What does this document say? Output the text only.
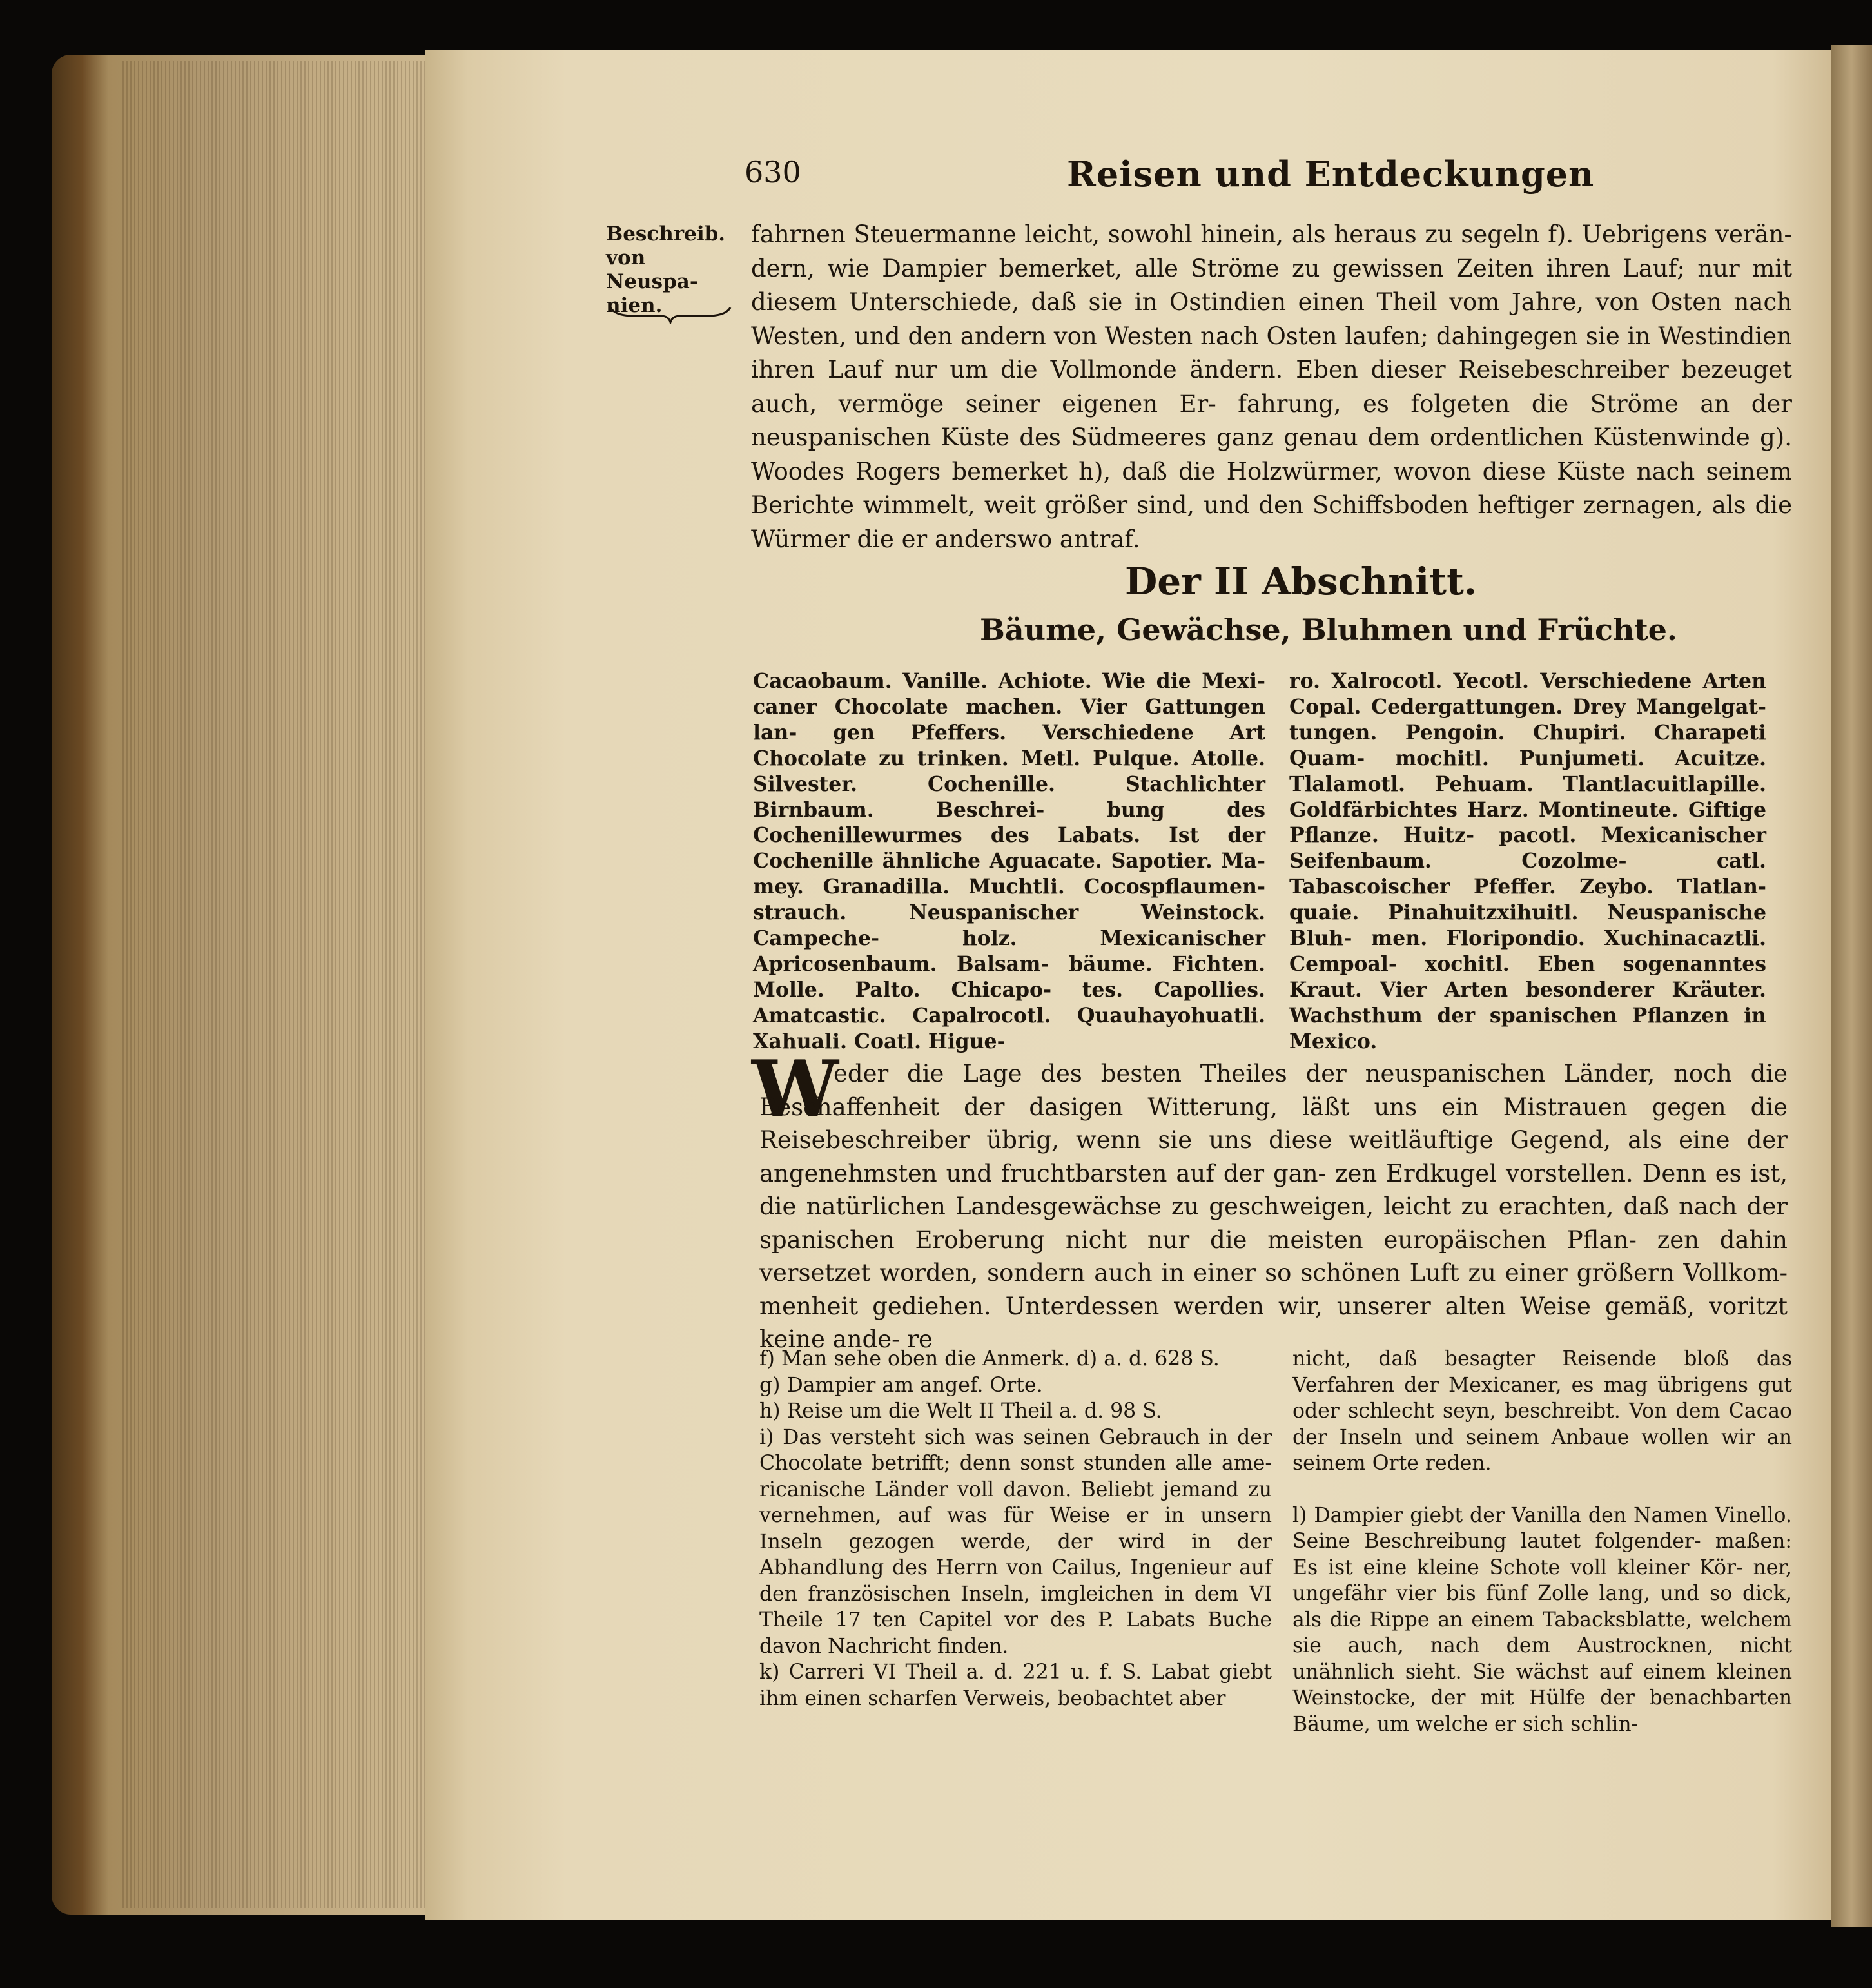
630	Reisen und Entdeckungen
Beschreib. von Neuspa- nien.

fahrnen Steuermanne leicht, sowohl hinein, als heraus zu segeln f). Uebrigens verän- dern, wie Dampier bemerket, alle Ströme zu gewissen Zeiten ihren Lauf; nur mit diesem Unterschiede, daß sie in Ostindien einen Theil vom Jahre, von Osten nach Westen, und den andern von Westen nach Osten laufen; dahingegen sie in Westindien ihren Lauf nur um die Vollmonde ändern. Eben dieser Reisebeschreiber bezeuget auch, vermöge seiner eigenen Er- fahrung, es folgeten die Ströme an der neuspanischen Küste des Südmeeres ganz genau dem ordentlichen Küstenwinde g). Woodes Rogers bemerket h), daß die Holzwürmer, wovon diese Küste nach seinem Berichte wimmelt, weit größer sind, und den Schiffsboden heftiger zernagen, als die Würmer die er anderswo antraf.

Der II Abschnitt.
Bäume, Gewächse, Bluhmen und Früchte.

Cacaobaum. Vanille. Achiote. Wie die Mexi- caner Chocolate machen. Vier Gattungen lan- gen Pfeffers. Verschiedene Art Chocolate zu trinken. Metl. Pulque. Atolle. Silvester. Cochenille. Stachlichter Birnbaum. Beschrei- bung des Cochenillewurmes des Labats. Ist der Cochenille ähnliche Aguacate. Sapotier. Ma- mey. Granadilla. Muchtli. Cocospflaumen- strauch. Neuspanischer Weinstock. Campeche- holz. Mexicanischer Apricosenbaum. Balsam- bäume. Fichten. Molle. Palto. Chicapo- tes. Capollies. Amatcastic. Capalrocotl. Quauhayohuatli. Xahuali. Coatl. Higue-

ro. Xalrocotl. Yecotl. Verschiedene Arten Copal. Cedergattungen. Drey Mangelgat- tungen. Pengoin. Chupiri. Charapeti Quam- mochitl. Punjumeti. Acuitze. Tlalamotl. Pehuam. Tlantlacuitlapille. Goldfärbichtes Harz. Montineute. Giftige Pflanze. Huitz- pacotl. Mexicanischer Seifenbaum. Cozolme- catl. Tabascoischer Pfeffer. Zeybo. Tlatlan- quaie. Pinahuitzxihuitl. Neuspanische Bluh- men. Floripondio. Xuchinacaztli. Cempoal- xochitl. Eben sogenanntes Kraut. Vier Arten besonderer Kräuter. Wachsthum der spanischen Pflanzen in Mexico.

W

eder die Lage des besten Theiles der neuspanischen Länder, noch die Beschaffenheit der dasigen Witterung, läßt uns ein Mistrauen gegen die Reisebeschreiber übrig, wenn sie uns diese weitläuftige Gegend, als eine der angenehmsten und fruchtbarsten auf der gan- zen Erdkugel vorstellen. Denn es ist, die natürlichen Landesgewächse zu geschweigen, leicht zu erachten, daß nach der spanischen Eroberung nicht nur die meisten europäischen Pflan- zen dahin versetzet worden, sondern auch in einer so schönen Luft zu einer größern Vollkom- menheit gediehen. Unterdessen werden wir, unserer alten Weise gemäß, voritzt keine ande- re

f) Man sehe oben die Anmerk. d) a. d. 628 S.

g) Dampier am angef. Orte.

h) Reise um die Welt II Theil a. d. 98 S.

i) Das versteht sich was seinen Gebrauch in der Chocolate betrifft; denn sonst stunden alle ame- ricanische Länder voll davon. Beliebt jemand zu vernehmen, auf was für Weise er in unsern Inseln gezogen werde, der wird in der Abhandlung des Herrn von Cailus, Ingenieur auf den französischen Inseln, imgleichen in dem VI Theile 17 ten Capitel vor des P. Labats Buche davon Nachricht finden.

k) Carreri VI Theil a. d. 221 u. f. S. Labat giebt ihm einen scharfen Verweis, beobachtet aber

nicht, daß besagter Reisende bloß das Verfahren der Mexicaner, es mag übrigens gut oder schlecht seyn, beschreibt. Von dem Cacao der Inseln und seinem Anbaue wollen wir an seinem Orte reden.

l) Dampier giebt der Vanilla den Namen Vinello. Seine Beschreibung lautet folgender- maßen: Es ist eine kleine Schote voll kleiner Kör- ner, ungefähr vier bis fünf Zolle lang, und so dick, als die Rippe an einem Tabacksblatte, welchem sie auch, nach dem Austrocknen, nicht unähnlich sieht. Sie wächst auf einem kleinen Weinstocke, der mit Hülfe der benachbarten Bäume, um welche er sich schlin-
